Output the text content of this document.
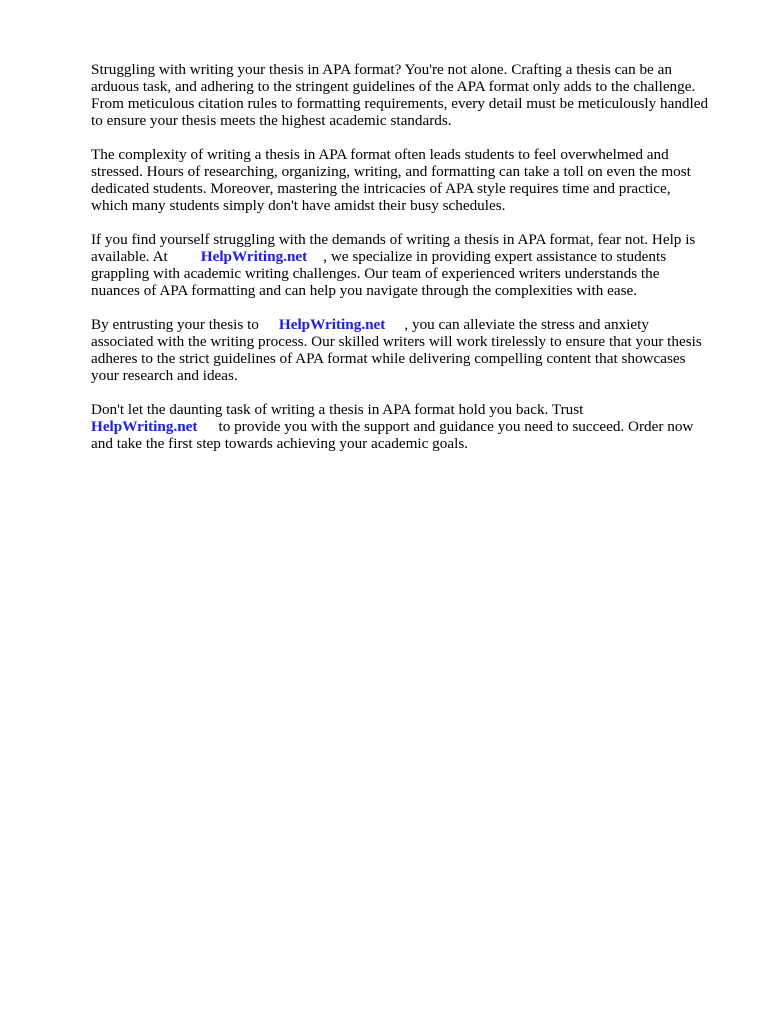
Struggling with writing your thesis in APA format? You're not alone. Crafting a thesis can be an
arduous task, and adhering to the stringent guidelines of the APA format only adds to the challenge.
From meticulous citation rules to formatting requirements, every detail must be meticulously handled
to ensure your thesis meets the highest academic standards.

The complexity of writing a thesis in APA format often leads students to feel overwhelmed and
stressed. Hours of researching, organizing, writing, and formatting can take a toll on even the most
dedicated students. Moreover, mastering the intricacies of APA style requires time and practice,
which many students simply don't have amidst their busy schedules.

If you find yourself struggling with the demands of writing a thesis in APA format, fear not. Help is
available. At HelpWriting.net , we specialize in providing expert assistance to students
grappling with academic writing challenges. Our team of experienced writers understands the
nuances of APA formatting and can help you navigate through the complexities with ease.

By entrusting your thesis to HelpWriting.net , you can alleviate the stress and anxiety
associated with the writing process. Our skilled writers will work tirelessly to ensure that your thesis
adheres to the strict guidelines of APA format while delivering compelling content that showcases
your research and ideas.

Don't let the daunting task of writing a thesis in APA format hold you back. Trust
HelpWriting.net to provide you with the support and guidance you need to succeed. Order now
and take the first step towards achieving your academic goals.
